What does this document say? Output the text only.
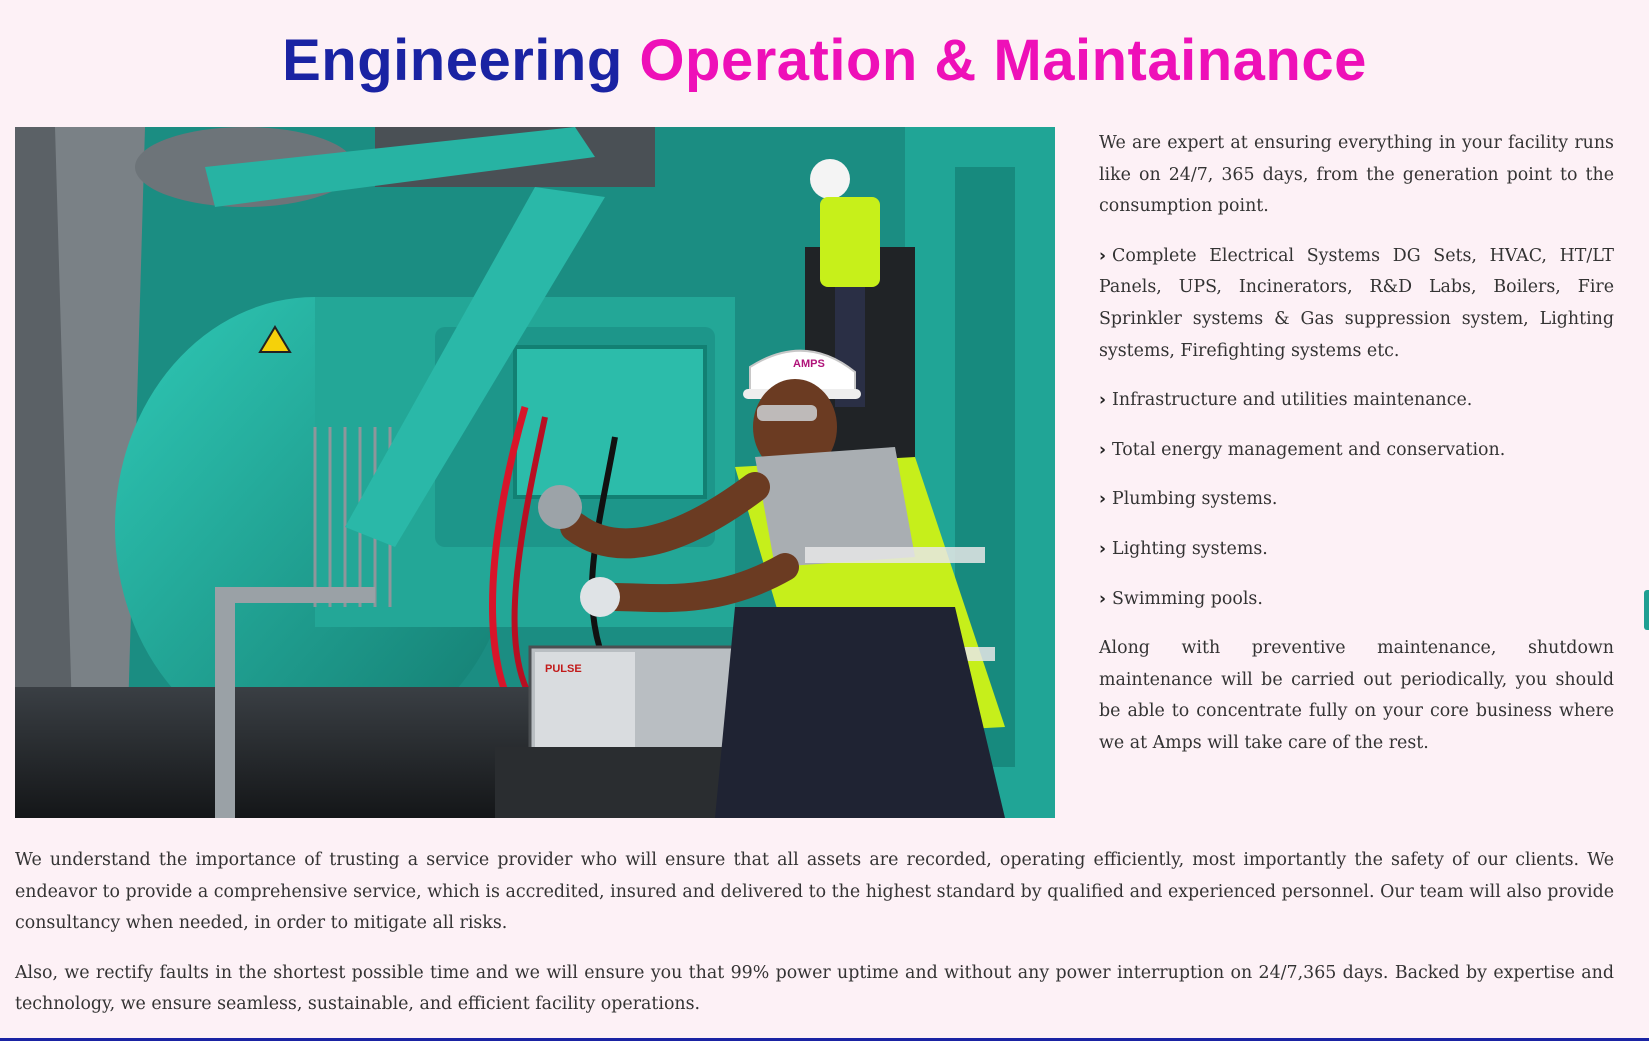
Engineering Operation & Maintainance
PULSE
AMPS

We are expert at ensuring everything in your facility runs like on 24/7, 365 days, from the generation point to the consumption point.

› Complete Electrical Systems DG Sets, HVAC, HT/LT Panels, UPS, Incinerators, R&D Labs, Boilers, Fire Sprinkler systems & Gas suppression system, Lighting systems, Firefighting systems etc.

› Infrastructure and utilities maintenance.

› Total energy management and conservation.

› Plumbing systems.

› Lighting systems.

› Swimming pools.

Along with preventive maintenance, shutdown maintenance will be carried out periodically, you should be able to concentrate fully on your core business where we at Amps will take care of the rest.

We understand the importance of trusting a service provider who will ensure that all assets are recorded, operating efficiently, most importantly the safety of our clients. We endeavor to provide a comprehensive service, which is accredited, insured and delivered to the highest standard by qualified and experienced personnel. Our team will also provide consultancy when needed, in order to mitigate all risks.

Also, we rectify faults in the shortest possible time and we will ensure you that 99% power uptime and without any power interruption on 24/7,365 days. Backed by expertise and technology, we ensure seamless, sustainable, and efficient facility operations.
